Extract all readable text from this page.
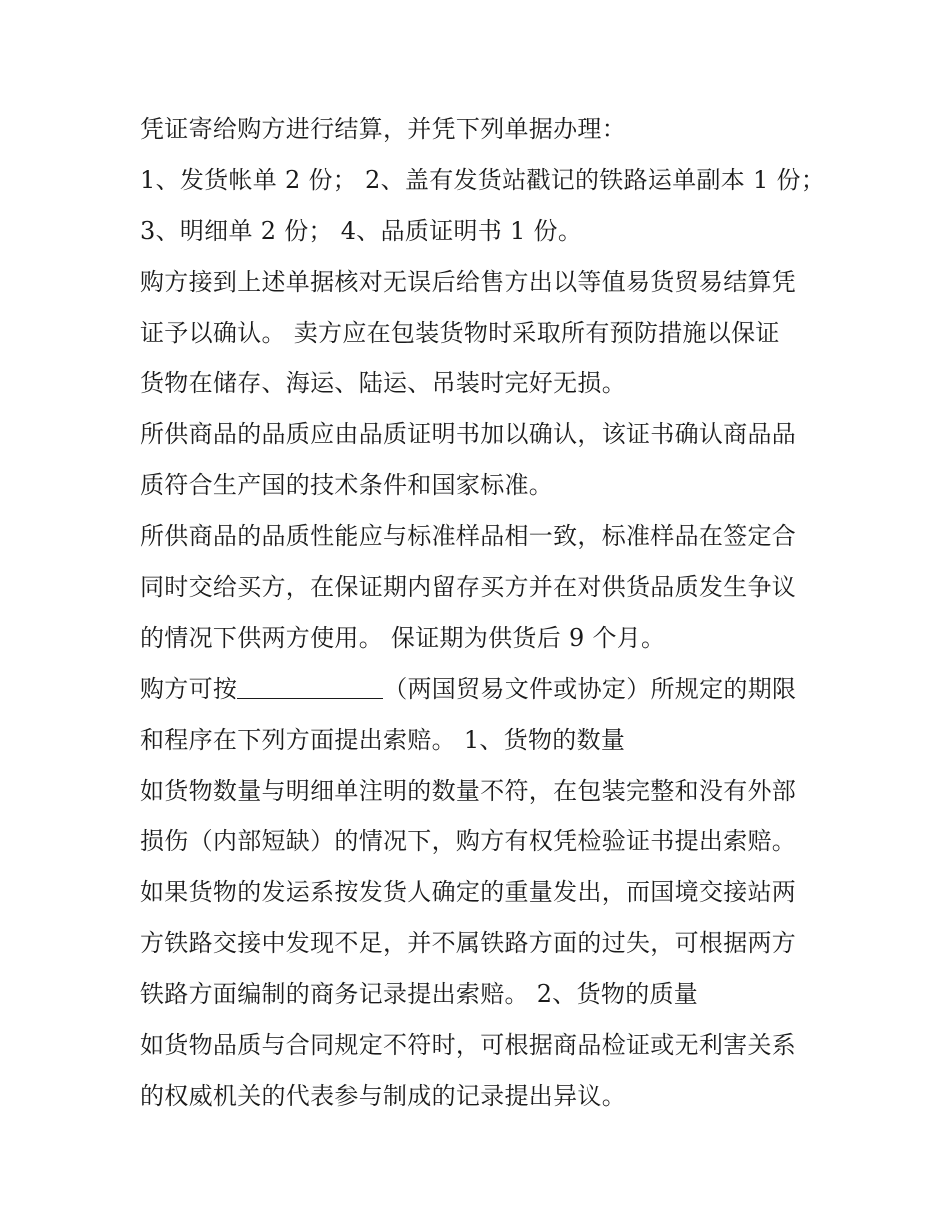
凭证寄给购方进行结算，并凭下列单据办理：
1、发货帐单 2 份； 2、盖有发货站戳记的铁路运单副本 1 份；
3、明细单 2 份； 4、品质证明书 1 份。
购方接到上述单据核对无误后给售方出以等值易货贸易结算凭
证予以确认。 卖方应在包装货物时采取所有预防措施以保证
货物在储存、海运、陆运、吊装时完好无损。
所供商品的品质应由品质证明书加以确认，该证书确认商品品
质符合生产国的技术条件和国家标准。
所供商品的品质性能应与标准样品相一致，标准样品在签定合
同时交给买方，在保证期内留存买方并在对供货品质发生争议
的情况下供两方使用。 保证期为供货后 9 个月。
购方可按	（两国贸易文件或协定）所规定的期限
和程序在下列方面提出索赔。 1、货物的数量
如货物数量与明细单注明的数量不符，在包装完整和没有外部
损伤（内部短缺）的情况下，购方有权凭检验证书提出索赔。
如果货物的发运系按发货人确定的重量发出，而国境交接站两
方铁路交接中发现不足，并不属铁路方面的过失，可根据两方
铁路方面编制的商务记录提出索赔。 2、货物的质量
如货物品质与合同规定不符时，可根据商品检证或无利害关系
的权威机关的代表参与制成的记录提出异议。
